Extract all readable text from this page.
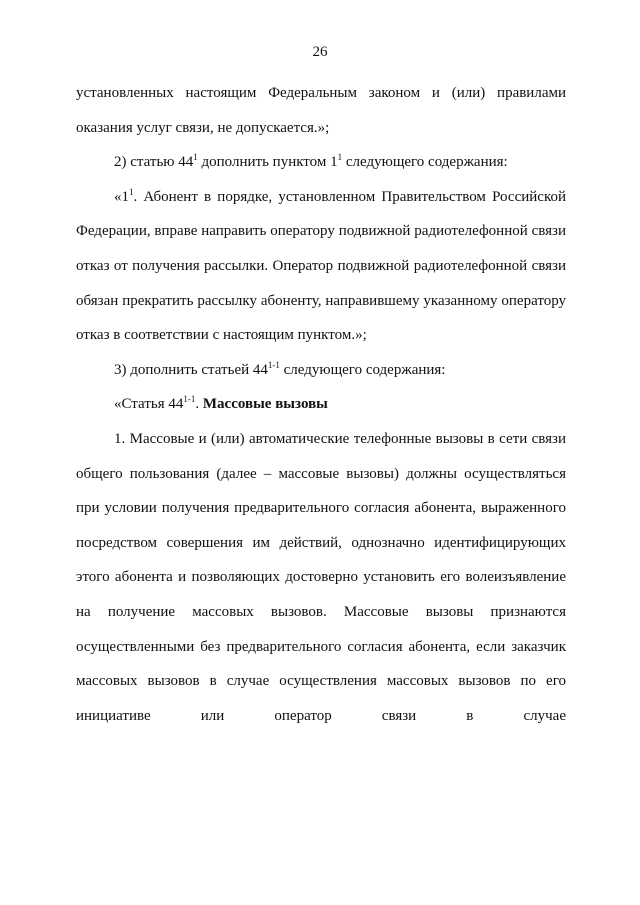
26

установленных настоящим Федеральным законом и (или) правилами оказания услуг связи, не допускается.»;

2) статью $44^1$ дополнить пунктом $1^1$ следующего содержания:

«$1^1$. Абонент в порядке, установленном Правительством Российской Федерации, вправе направить оператору подвижной радиотелефонной связи отказ от получения рассылки. Оператор подвижной радиотелефонной связи обязан прекратить рассылку абоненту, направившему указанному оператору отказ в соответствии с настоящим пунктом.»;

3) дополнить статьей 44$^{1-1}$ следующего содержания:

«Статья 44$^{1-1}$. Массовые вызовы

1. Массовые и (или) автоматические телефонные вызовы в сети связи общего пользования (далее – массовые вызовы) должны осуществляться при условии получения предварительного согласия абонента, выраженного посредством совершения им действий, однозначно идентифицирующих этого абонента и позволяющих достоверно установить его волеизъявление на получение массовых вызовов. Массовые вызовы признаются осуществленными без предварительного согласия абонента, если заказчик массовых вызовов в случае осуществления массовых вызовов по его инициативе или оператор связи в случае
